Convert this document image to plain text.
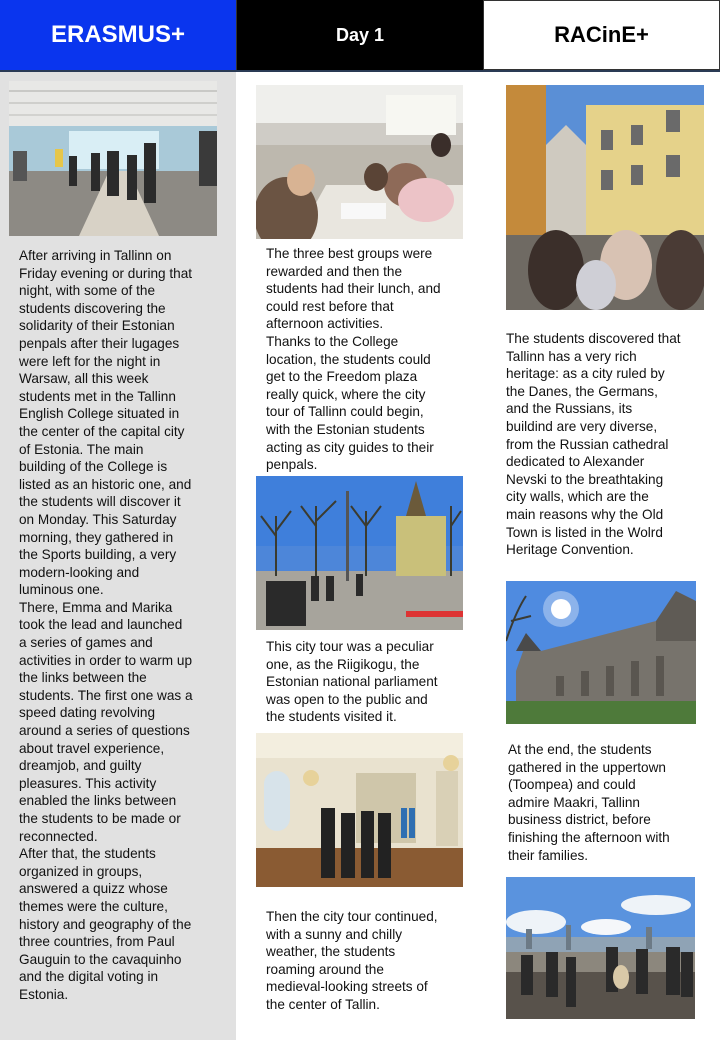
ERASMUS+	Day 1	RACinE+
After arriving in Tallinn on
Friday evening or during that
night, with some of the
students discovering the
solidarity of their Estonian
penpals after their lugages
were left for the night in
Warsaw, all this week
students met in the Tallinn
English College situated in
the center of the capital city
of Estonia. The main
building of the College is
listed as an historic one, and
the students will discover it
on Monday. This Saturday
morning, they gathered in
the Sports building, a very
modern-looking and
luminous one.
There, Emma and Marika
took the lead and launched
a series of games and
activities in order to warm up
the links between the
students. The first one was a
speed dating revolving
around a series of questions
about travel experience,
dreamjob, and guilty
pleasures. This activity
enabled the links between
the students to be made or
reconnected.
After that, the students
organized in groups,
answered a quizz whose
themes were the culture,
history and geography of the
three countries, from Paul
Gauguin to the cavaquinho
and the digital voting in
Estonia.
The three best groups were
rewarded and then the
students had their lunch, and
could rest before that
afternoon activities.
Thanks to the College
location, the students could
get to the Freedom plaza
really quick, where the city
tour of Tallinn could begin,
with the Estonian students
acting as city guides to their
penpals.
This city tour was a peculiar
one, as the Riigikogu, the
Estonian national parliament
was open to the public and
the students visited it.
Then the city tour continued,
with a sunny and chilly
weather, the students
roaming around the
medieval-looking streets of
the center of Tallin.
The students discovered that
Tallinn has a very rich
heritage: as a city ruled by
the Danes, the Germans,
and the Russians, its
buildind are very diverse,
from the Russian cathedral
dedicated to Alexander
Nevski to the breathtaking
city walls, which are the
main reasons why the Old
Town is listed in the Wolrd
Heritage Convention.
At the end, the students
gathered in the uppertown
(Toompea) and could
admire Maakri, Tallinn
business district, before
finishing the afternoon with
their families.
